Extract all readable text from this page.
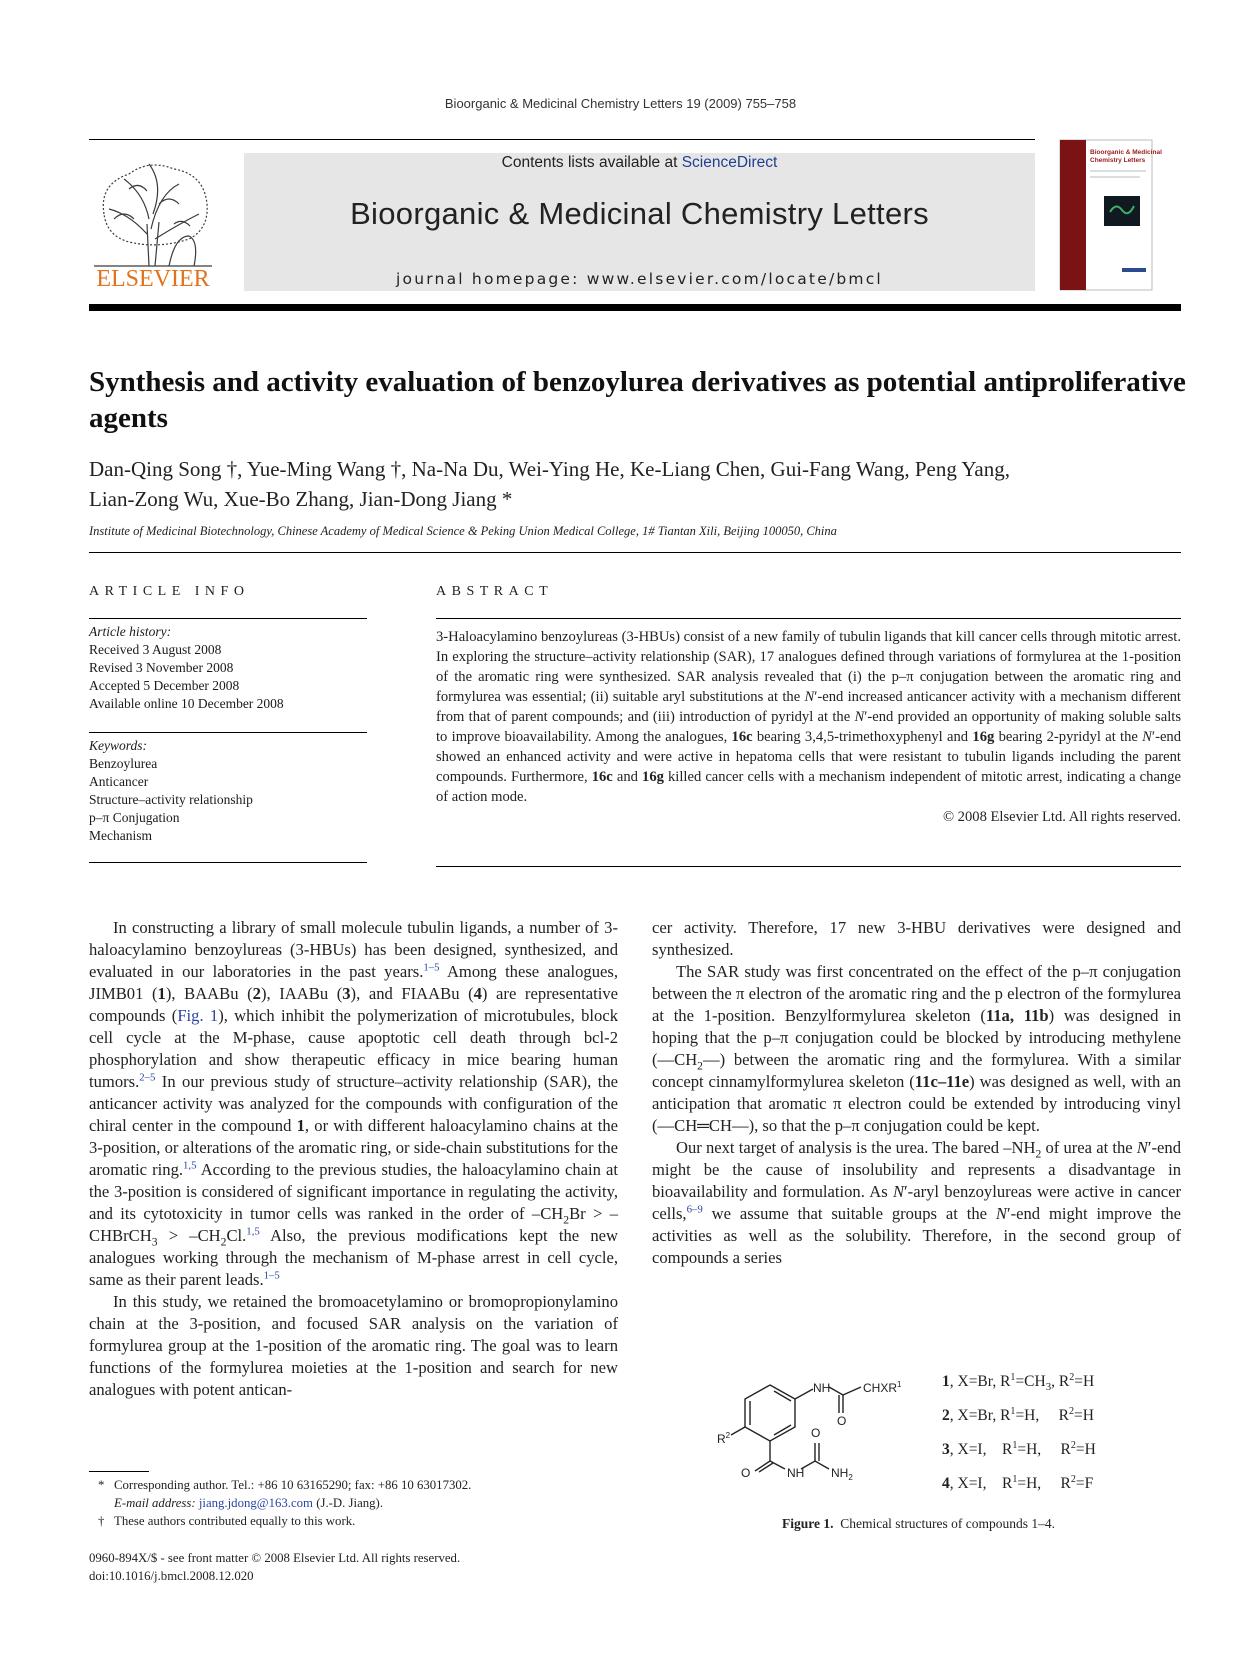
Bioorganic & Medicinal Chemistry Letters 19 (2009) 755–758
ELSEVIER
Contents lists available at ScienceDirect
Bioorganic & Medicinal Chemistry Letters
journal homepage: www.elsevier.com/locate/bmcl
Bioorganic & Medicinal
Chemistry Letters
Synthesis and activity evaluation of benzoylurea derivatives as potential antiproliferative agents
Dan-Qing Song †, Yue-Ming Wang †, Na-Na Du, Wei-Ying He, Ke-Liang Chen, Gui-Fang Wang, Peng Yang,
Lian-Zong Wu, Xue-Bo Zhang, Jian-Dong Jiang *
Institute of Medicinal Biotechnology, Chinese Academy of Medical Science & Peking Union Medical College, 1# Tiantan Xili, Beijing 100050, China
ARTICLE INFO
Article history:
Received 3 August 2008
Revised 3 November 2008
Accepted 5 December 2008
Available online 10 December 2008
Keywords:
Benzoylurea
Anticancer
Structure–activity relationship
p–π Conjugation
Mechanism
ABSTRACT
3-Haloacylamino benzoylureas (3-HBUs) consist of a new family of tubulin ligands that kill cancer cells through mitotic arrest. In exploring the structure–activity relationship (SAR), 17 analogues defined through variations of formylurea at the 1-position of the aromatic ring were synthesized. SAR analysis revealed that (i) the p–π conjugation between the aromatic ring and formylurea was essential; (ii) suitable aryl substitutions at the N′-end increased anticancer activity with a mechanism different from that of parent compounds; and (iii) introduction of pyridyl at the N′-end provided an opportunity of making soluble salts to improve bioavailability. Among the analogues, 16c bearing 3,4,5-trimethoxyphenyl and 16g bearing 2-pyridyl at the N′-end showed an enhanced activity and were active in hepatoma cells that were resistant to tubulin ligands including the parent compounds. Furthermore, 16c and 16g killed cancer cells with a mechanism independent of mitotic arrest, indicating a change of action mode.
© 2008 Elsevier Ltd. All rights reserved.

In constructing a library of small molecule tubulin ligands, a number of 3-haloacylamino benzoylureas (3-HBUs) has been designed, synthesized, and evaluated in our laboratories in the past years.$^{1-5}$ Among these analogues, JIMB01 (1), BAABu (2), IAABu (3), and FIAABu (4) are representative compounds (Fig. 1), which inhibit the polymerization of microtubules, block cell cycle at the M-phase, cause apoptotic cell death through bcl-2 phosphorylation and show therapeutic efficacy in mice bearing human tumors.$^{2-5}$ In our previous study of structure–activity relationship (SAR), the anticancer activity was analyzed for the compounds with configuration of the chiral center in the compound 1, or with different haloacylamino chains at the 3-position, or alterations of the aromatic ring, or side-chain substitutions for the aromatic ring.$^{1,5}$ According to the previous studies, the haloacylamino chain at the 3-position is considered of significant importance in regulating the activity, and its cytotoxicity in tumor cells was ranked in the order of $-CH_2Br$ > –CHBrCH$_3$ > $-CH_2Cl.^{1,5}$ Also, the previous modifications kept the new analogues working through the mechanism of M-phase arrest in cell cycle, same as their parent leads.$^{1-5}$

In this study, we retained the bromoacetylamino or bromopropionylamino chain at the 3-position, and focused SAR analysis on the variation of formylurea group at the 1-position of the aromatic ring. The goal was to learn functions of the formylurea moieties at the 1-position and search for new analogues with potent antican-

cer activity. Therefore, 17 new 3-HBU derivatives were designed and synthesized.

The SAR study was first concentrated on the effect of the p–π conjugation between the π electron of the aromatic ring and the p electron of the formylurea at the 1-position. Benzylformylurea skeleton (11a, 11b) was designed in hoping that the p–π conjugation could be blocked by introducing methylene $(—CH_2—)$ between the aromatic ring and the formylurea. With a similar concept cinnamylformylurea skeleton (11c–11e) was designed as well, with an anticipation that aromatic π electron could be extended by introducing vinyl (—CH═CH—), so that the p–π conjugation could be kept.

Our next target of analysis is the urea. The bared $-NH_2$ of urea at the N′-end might be the cause of insolubility and represents a disadvantage in bioavailability and formulation. As N′-aryl benzoylureas were active in cancer cells,$^{6-9}$ we assume that suitable groups at the N′-end might improve the activities as well as the solubility. Therefore, in the second group of compounds a series

NH	CHXR$^1$
O
$R^2$
O	NH
O
$NH_2$
1, X=Br, $R^1=CH_3$, $R^2=H$
2, X=Br, $R^1=H$,     $R^2=H$
3, X=I,    $R^1=H$,     $R^2=H$
4, X=I,    $R^1=H$,     $R^2=F$
Figure 1. Chemical structures of compounds 1–4.
* Corresponding author. Tel.: +86 10 63165290; fax: +86 10 63017302.
E-mail address: jiang.jdong@163.com (J.-D. Jiang).
† These authors contributed equally to this work.
0960-894X/$ - see front matter © 2008 Elsevier Ltd. All rights reserved.
doi:10.1016/j.bmcl.2008.12.020
